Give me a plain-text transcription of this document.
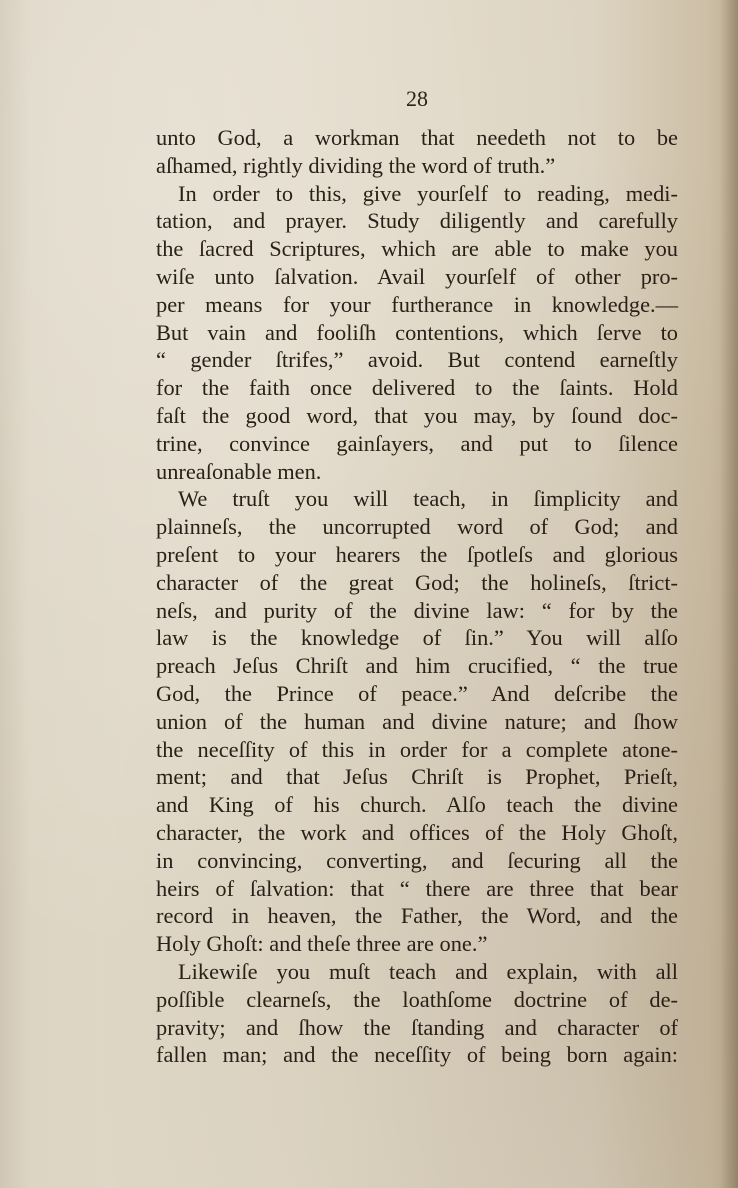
28
unto God, a workman that needeth not to be
aſhamed, rightly dividing the word of truth.”
In order to this, give yourſelf to reading, medi-
tation, and prayer. Study diligently and carefully
the ſacred Scriptures, which are able to make you
wiſe unto ſalvation. Avail yourſelf of other pro-
per means for your furtherance in knowledge.—
But vain and fooliſh contentions, which ſerve to
“ gender ſtrifes,” avoid. But contend earneſtly
for the faith once delivered to the ſaints. Hold
faſt the good word, that you may, by ſound doc-
trine, convince gainſayers, and put to ſilence
unreaſonable men.
We truſt you will teach, in ſimplicity and
plainneſs, the uncorrupted word of God; and
preſent to your hearers the ſpotleſs and glorious
character of the great God; the holineſs, ſtrict-
neſs, and purity of the divine law: “ for by the
law is the knowledge of ſin.” You will alſo
preach Jeſus Chriſt and him crucified, “ the true
God, the Prince of peace.” And deſcribe the
union of the human and divine nature; and ſhow
the neceſſity of this in order for a complete atone-
ment; and that Jeſus Chriſt is Prophet, Prieſt,
and King of his church. Alſo teach the divine
character, the work and offices of the Holy Ghoſt,
in convincing, converting, and ſecuring all the
heirs of ſalvation: that “ there are three that bear
record in heaven, the Father, the Word, and the
Holy Ghoſt: and theſe three are one.”
Likewiſe you muſt teach and explain, with all
poſſible clearneſs, the loathſome doctrine of de-
pravity; and ſhow the ſtanding and character of
fallen man; and the neceſſity of being born again:
